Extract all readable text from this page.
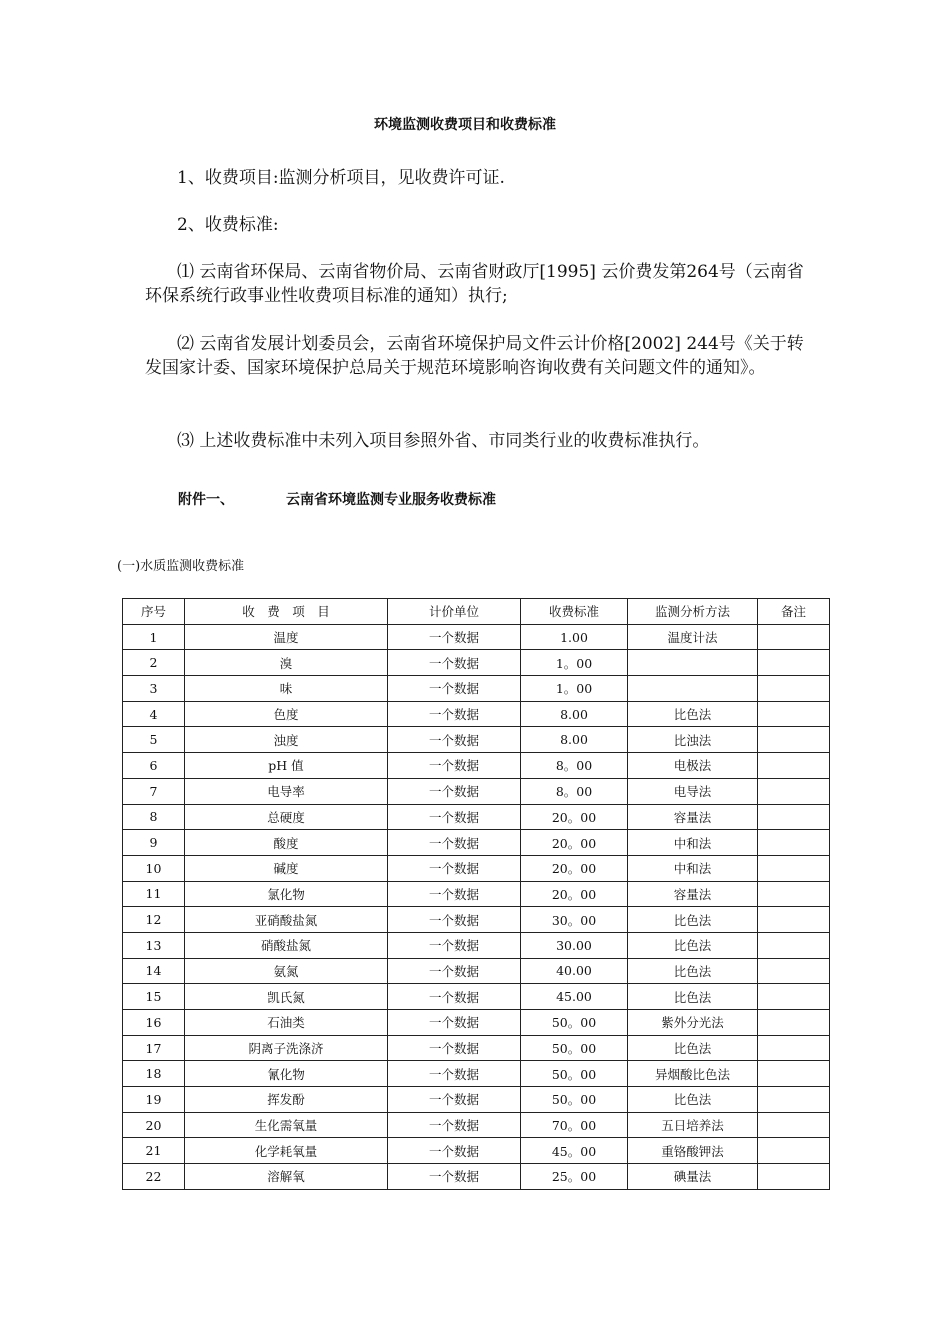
环境监测收费项目和收费标准
1、收费项目:监测分析项目，见收费许可证.
2、收费标准:
⑴ 云南省环保局、云南省物价局、云南省财政厅[1995] 云价费发第264号（云南省环保系统行政事业性收费项目标准的通知）执行;
⑵ 云南省发展计划委员会，云南省环境保护局文件云计价格[2002] 244号《关于转发国家计委、国家环境保护总局关于规范环境影响咨询收费有关问题文件的通知》。
⑶ 上述收费标准中未列入项目参照外省、市同类行业的收费标准执行。
附件一、	云南省环境监测专业服务收费标准
(一)水质监测收费标准
序号	收　费　项　目	计价单位	收费标准	监测分析方法	备注
1	温度	一个数据	1.00	温度计法	
2	溴	一个数据	1。00		
3	味	一个数据	1。00		
4	色度	一个数据	8.00	比色法	
5	浊度	一个数据	8.00	比浊法	
6	pH 值	一个数据	8。00	电极法	
7	电导率	一个数据	8。00	电导法	
8	总硬度	一个数据	20。00	容量法	
9	酸度	一个数据	20。00	中和法	
10	碱度	一个数据	20。00	中和法	
11	氯化物	一个数据	20。00	容量法	
12	亚硝酸盐氮	一个数据	30。00	比色法	
13	硝酸盐氮	一个数据	30.00	比色法	
14	氨氮	一个数据	40.00	比色法	
15	凯氏氮	一个数据	45.00	比色法	
16	石油类	一个数据	50。00	紫外分光法	
17	阴离子洗涤济	一个数据	50。00	比色法	
18	氰化物	一个数据	50。00	异烟酸比色法	
19	挥发酚	一个数据	50。00	比色法	
20	生化需氧量	一个数据	70。00	五日培养法	
21	化学耗氧量	一个数据	45。00	重铬酸钾法	
22	溶解氧	一个数据	25。00	碘量法	
